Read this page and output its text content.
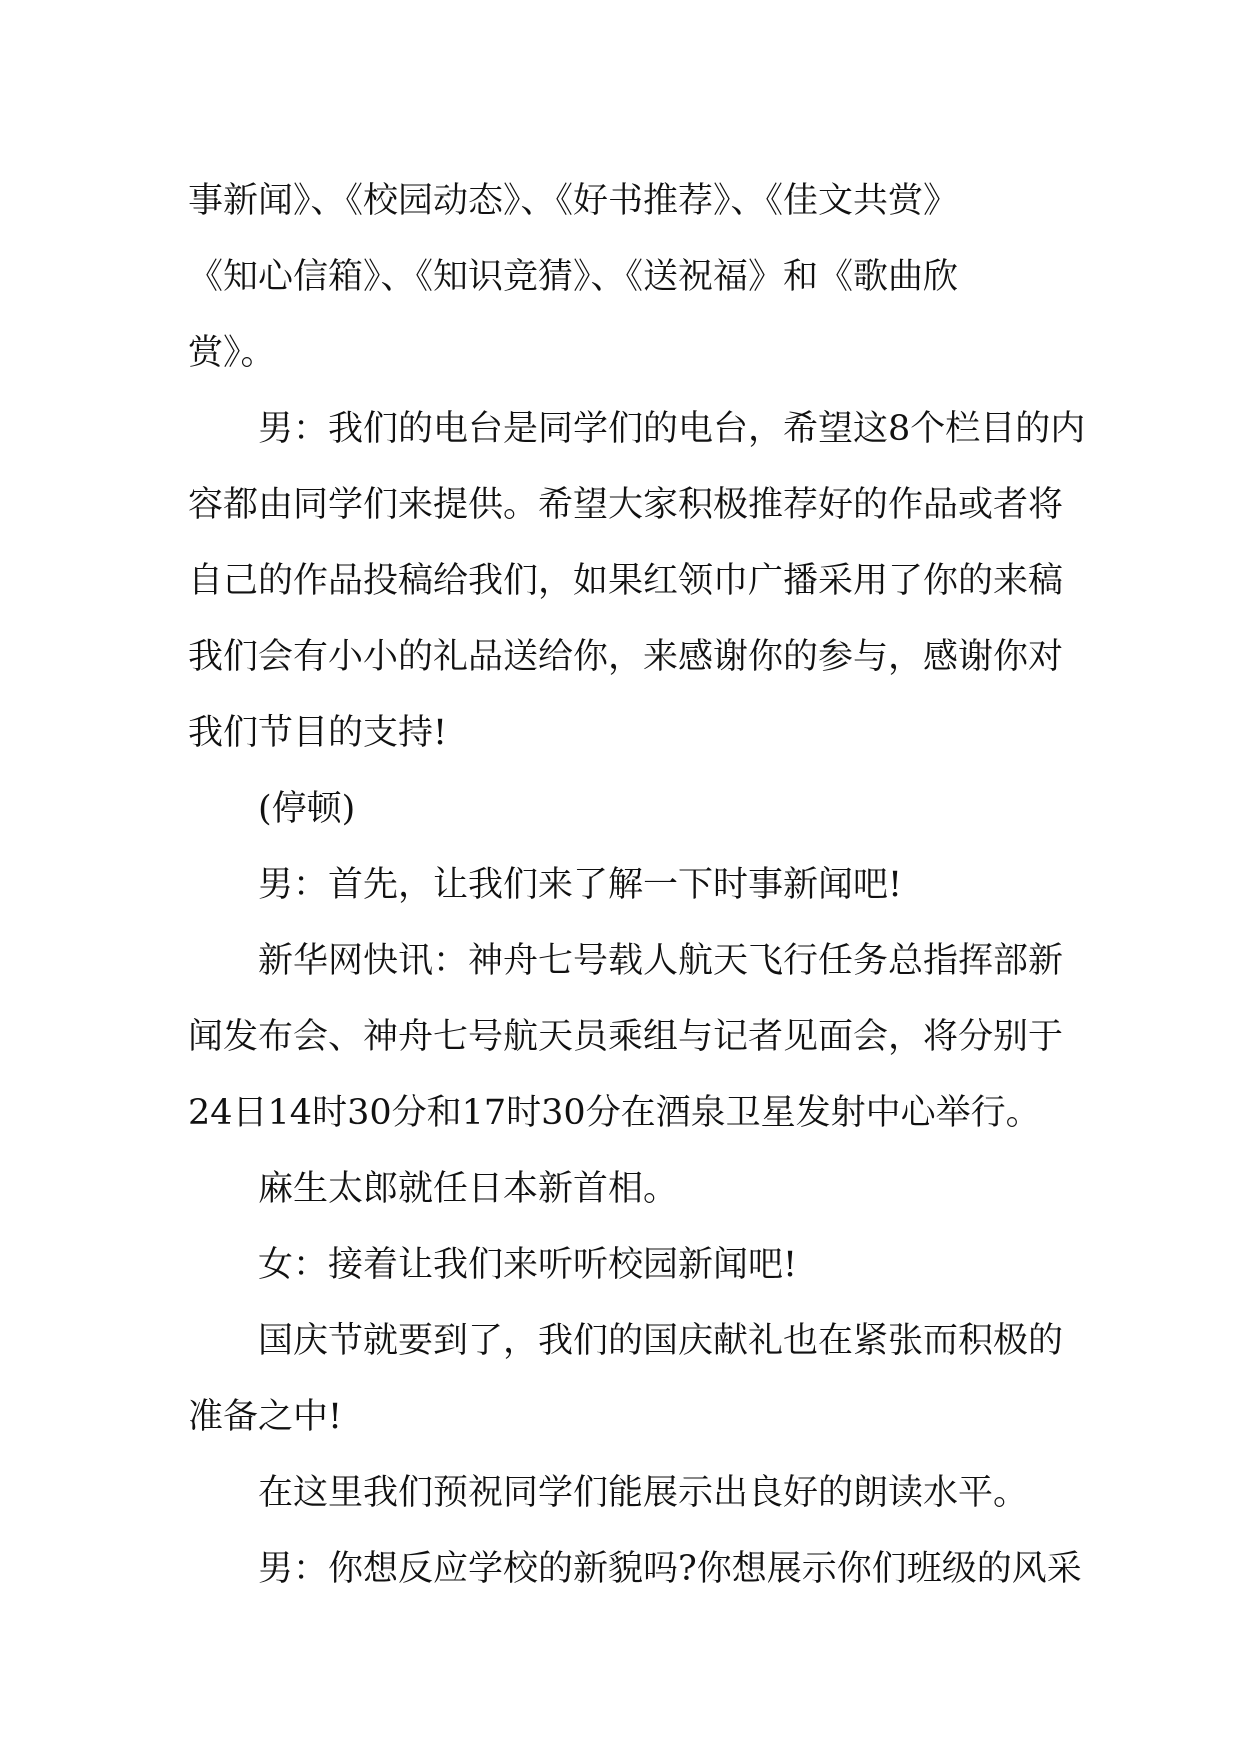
事新闻》、《校园动态》、《好书推荐》、《佳文共赏》
《知心信箱》、《知识竞猜》、《送祝福》和《歌曲欣
赏》。
男：我们的电台是同学们的电台，希望这8个栏目的内
容都由同学们来提供。希望大家积极推荐好的作品或者将
自己的作品投稿给我们，如果红领巾广播采用了你的来稿
我们会有小小的礼品送给你，来感谢你的参与，感谢你对
我们节目的支持!
(停顿)
男：首先，让我们来了解一下时事新闻吧!
新华网快讯：神舟七号载人航天飞行任务总指挥部新
闻发布会、神舟七号航天员乘组与记者见面会，将分别于
24日14时30分和17时30分在酒泉卫星发射中心举行。
麻生太郎就任日本新首相。
女：接着让我们来听听校园新闻吧!
国庆节就要到了，我们的国庆献礼也在紧张而积极的
准备之中!
在这里我们预祝同学们能展示出良好的朗读水平。
男：你想反应学校的新貌吗?你想展示你们班级的风采
